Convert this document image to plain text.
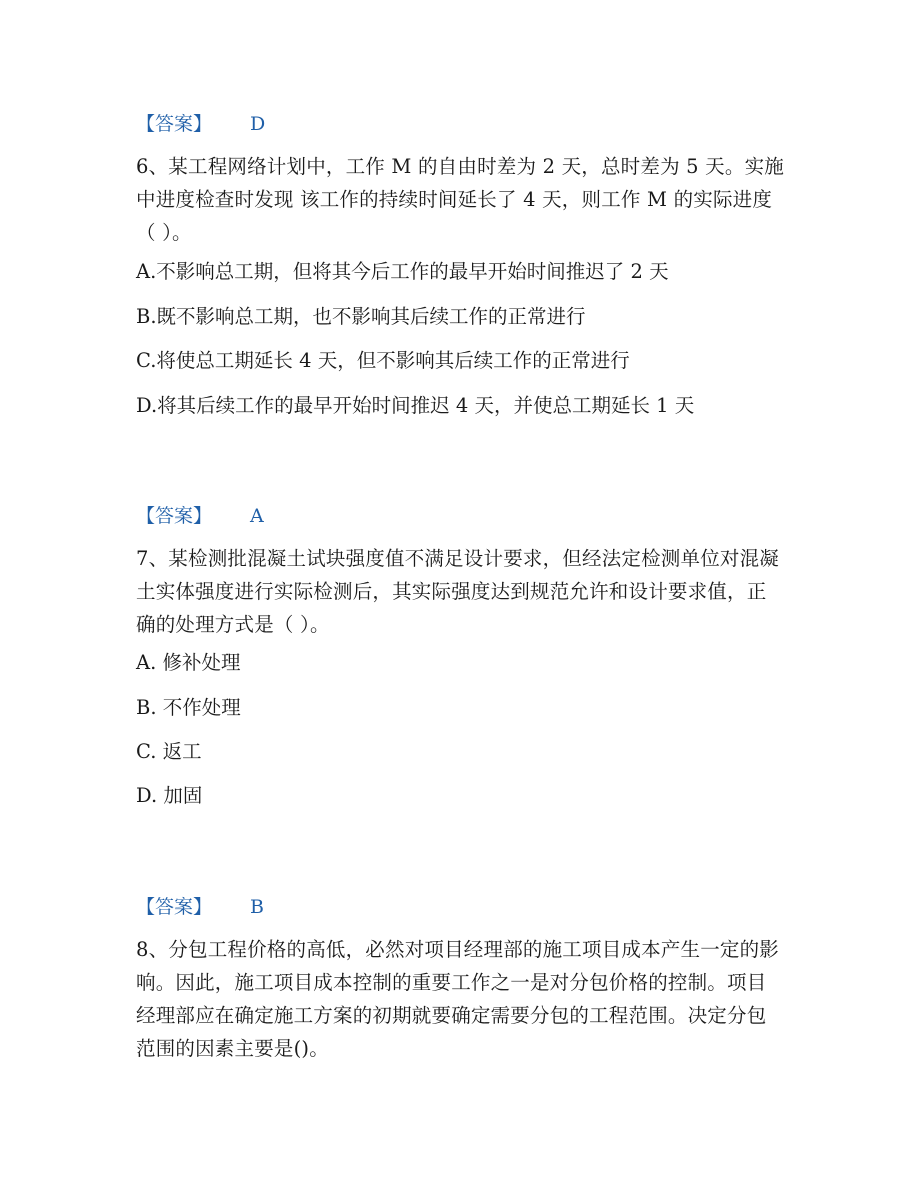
【答案】 D
6、某工程网络计划中，工作 M 的自由时差为 2 天，总时差为 5 天。实施中进度检查时发现 该工作的持续时间延长了 4 天，则工作 M 的实际进度（ ）。
A.不影响总工期，但将其今后工作的最早开始时间推迟了 2 天
B.既不影响总工期，也不影响其后续工作的正常进行
C.将使总工期延长 4 天，但不影响其后续工作的正常进行
D.将其后续工作的最早开始时间推迟 4 天，并使总工期延长 1 天
【答案】 A
7、某检测批混凝土试块强度值不满足设计要求，但经法定检测单位对混凝土实体强度进行实际检测后，其实际强度达到规范允许和设计要求值，正确的处理方式是（ ）。
A. 修补处理
B. 不作处理
C. 返工
D. 加固
【答案】 B
8、分包工程价格的高低，必然对项目经理部的施工项目成本产生一定的影响。因此，施工项目成本控制的重要工作之一是对分包价格的控制。项目经理部应在确定施工方案的初期就要确定需要分包的工程范围。决定分包范围的因素主要是()。
